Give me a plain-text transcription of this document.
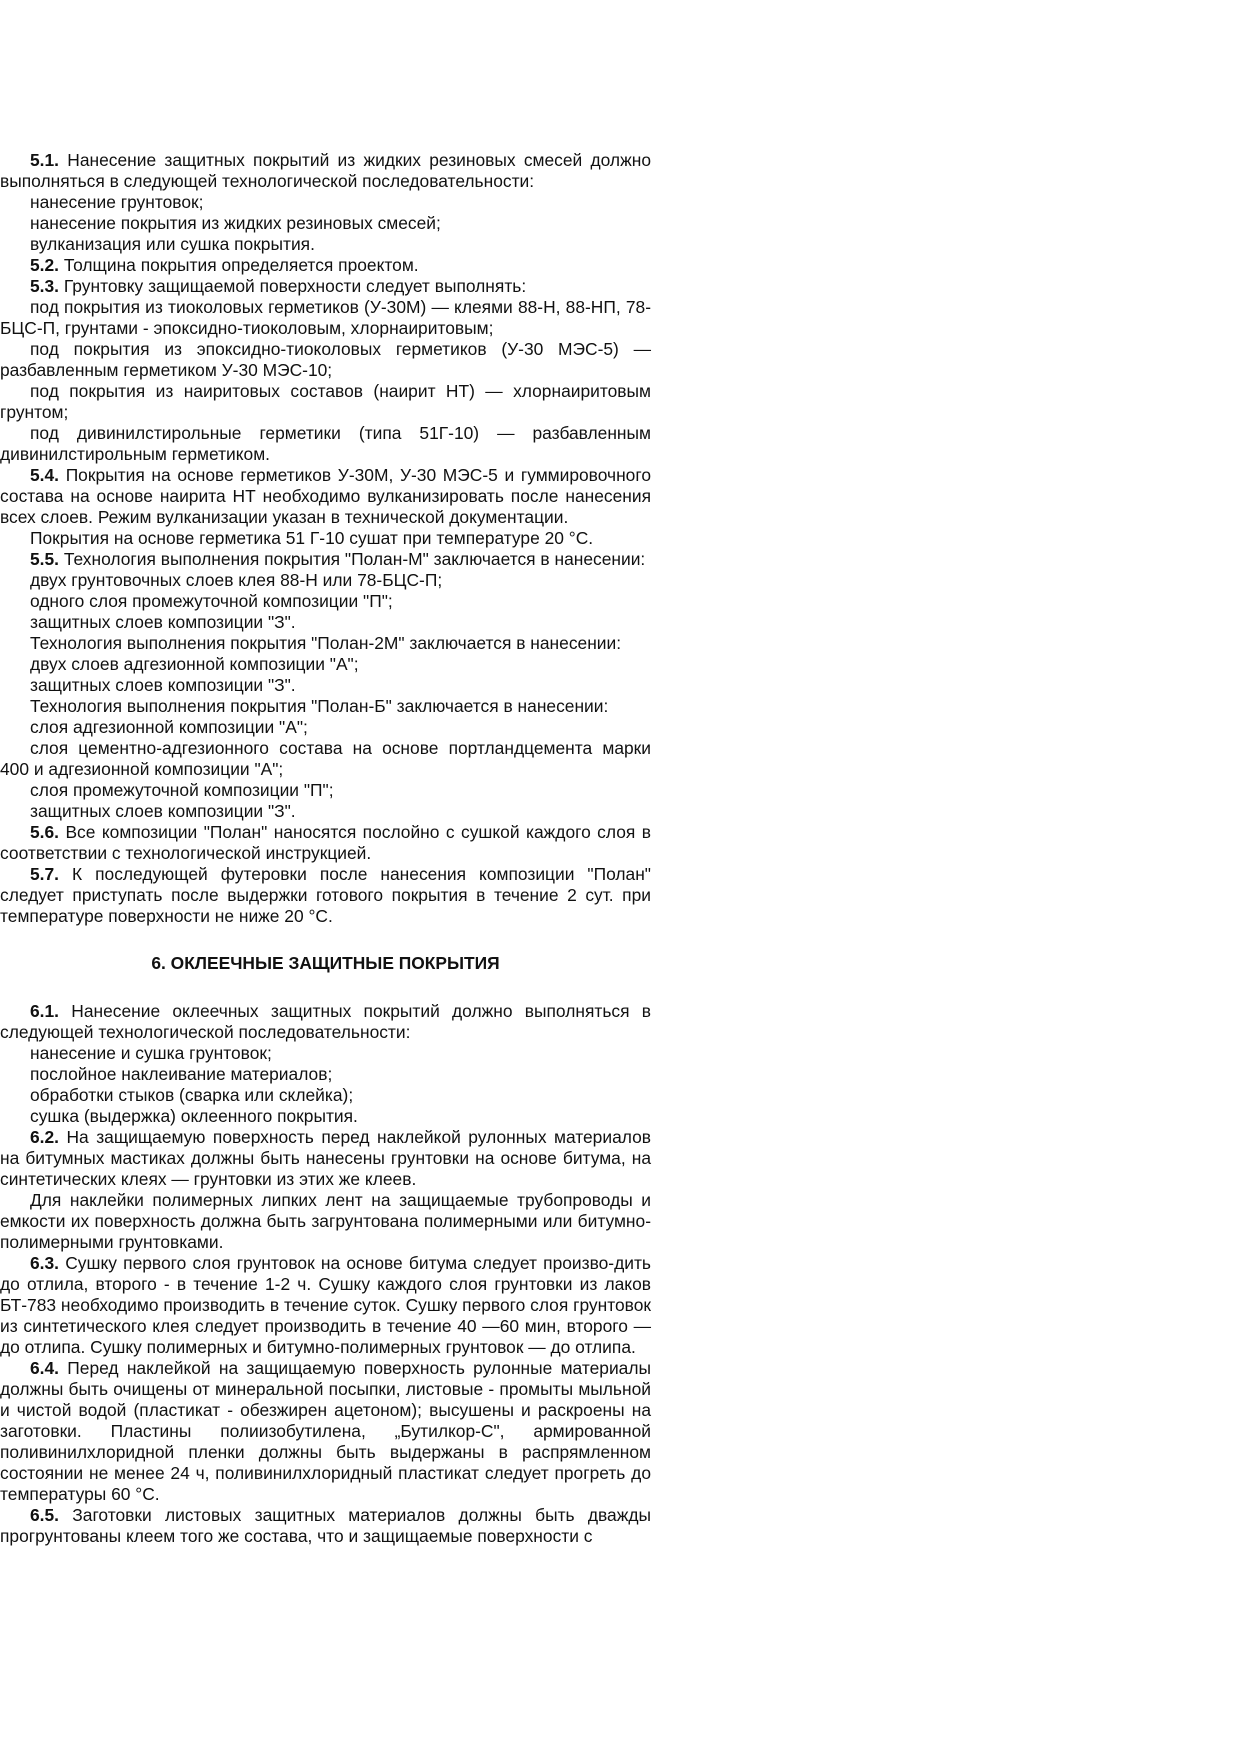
5.1. Нанесение защитных покрытий из жидких резиновых смесей должно выполняться в следующей технологической последовательности:

нанесение грунтовок;

нанесение покрытия из жидких резиновых смесей;

вулканизация или сушка покрытия.

5.2. Толщина покрытия определяется проектом.

5.3. Грунтовку защищаемой поверхности следует выполнять:

под покрытия из тиоколовых герметиков (У-30М) — клеями 88-Н, 88-НП, 78-БЦС-П, грунтами - эпоксидно-тиоколовым, хлорнаиритовым;

под покрытия из эпоксидно-тиоколовых герметиков (У-30 МЭС-5) — разбавленным герметиком У-30 МЭС-10;

под покрытия из наиритовых составов (наирит НТ) — хлорнаиритовым грунтом;

под дивинилстирольные герметики (типа 51Г-10) — разбавленным дивинилстирольным герметиком.

5.4. Покрытия на основе герметиков У-30М, У-30 МЭС-5 и гуммировочного состава на основе наирита НТ необходимо вулканизировать после нанесения всех слоев. Режим вулканизации указан в технической документации.

Покрытия на основе герметика 51 Г-10 сушат при температуре 20 °С.

5.5. Технология выполнения покрытия "Полан-М" заключается в нанесении:

двух грунтовочных слоев клея 88-Н или 78-БЦС-П;

одного слоя промежуточной композиции "П";

защитных слоев композиции "З".

Технология выполнения покрытия "Полан-2М" заключается в нанесении:

двух слоев адгезионной композиции "А";

защитных слоев композиции "З".

Технология выполнения покрытия "Полан-Б" заключается в нанесении:

слоя адгезионной композиции "А";

слоя цементно-адгезионного состава на основе портландцемента марки 400 и адгезионной композиции "А";

слоя промежуточной композиции "П";

защитных слоев композиции "З".

5.6. Все композиции "Полан" наносятся послойно с сушкой каждого слоя в соответствии с технологической инструкцией.

5.7. К последующей футеровки после нанесения композиции "Полан" следует приступать после выдержки готового покрытия в течение 2 сут. при температуре поверхности не ниже 20 °С.

6. ОКЛЕЕЧНЫЕ ЗАЩИТНЫЕ ПОКРЫТИЯ

6.1. Нанесение оклеечных защитных покрытий должно выполняться в следующей технологической последовательности:

нанесение и сушка грунтовок;

послойное наклеивание материалов;

обработки стыков (сварка или склейка);

сушка (выдержка) оклеенного покрытия.

6.2. На защищаемую поверхность перед наклейкой рулонных материалов на битумных мастиках должны быть нанесены грунтовки на основе битума, на синтетических клеях — грунтовки из этих же клеев.

Для наклейки полимерных липких лент на защищаемые трубопроводы и емкости их поверхность должна быть загрунтована полимерными или битумно-полимерными грунтовками.

6.3. Сушку первого слоя грунтовок на основе битума следует произво-дить до отлила, второго - в течение 1-2 ч. Сушку каждого слоя грунтовки из лаков БТ-783 необходимо производить в течение суток. Сушку первого слоя грунтовок из синтетического клея следует производить в течение 40 —60 мин, второго — до отлипа. Сушку полимерных и битумно-полимерных грунтовок — до отлипа.

6.4. Перед наклейкой на защищаемую поверхность рулонные материалы должны быть очищены от минеральной посыпки, листовые - промыты мыльной и чистой водой (пластикат - обезжирен ацетоном); высушены и раскроены на заготовки. Пластины полиизобутилена, „Бутилкор-С", армированной поливинилхлоридной пленки должны быть выдержаны в распрямленном состоянии не менее 24 ч, поливинилхлоридный пластикат следует прогреть до температуры 60 °С.

6.5. Заготовки листовых защитных материалов должны быть дважды прогрунтованы клеем того же состава, что и защищаемые поверхности с
